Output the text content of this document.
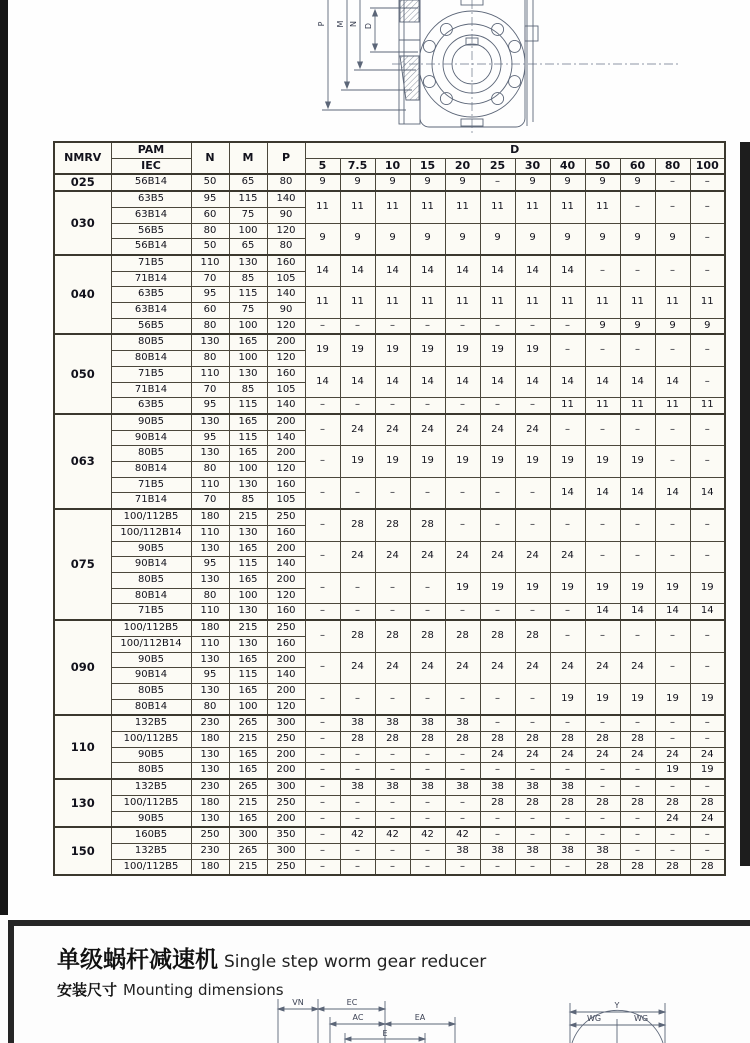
P M N D
NMRV	PAM	N	M	P	D											
	IEC				5	7.5	10	15	20	25	30	40	50	60	80	100
025	56B14	50	65	80	9	9	9	9	9	–	9	9	9	9	–	–
030	63B5	95	115	140	11	11	11	11	11	11	11	11	11	–	–	–
	63B14	60	75	90												
	56B5	80	100	120	9	9	9	9	9	9	9	9	9	9	9	–
	56B14	50	65	80												
040	71B5	110	130	160	14	14	14	14	14	14	14	14	–	–	–	–
	71B14	70	85	105												
	63B5	95	115	140	11	11	11	11	11	11	11	11	11	11	11	11
	63B14	60	75	90												
	56B5	80	100	120	–	–	–	–	–	–	–	–	9	9	9	9
050	80B5	130	165	200	19	19	19	19	19	19	19	–	–	–	–	–
	80B14	80	100	120												
	71B5	110	130	160	14	14	14	14	14	14	14	14	14	14	14	–
	71B14	70	85	105												
	63B5	95	115	140	–	–	–	–	–	–	–	11	11	11	11	11
063	90B5	130	165	200	–	24	24	24	24	24	24	–	–	–	–	–
	90B14	95	115	140												
	80B5	130	165	200	–	19	19	19	19	19	19	19	19	19	–	–
	80B14	80	100	120												
	71B5	110	130	160	–	–	–	–	–	–	–	14	14	14	14	14
	71B14	70	85	105												
075	100/112B5	180	215	250	–	28	28	28	–	–	–	–	–	–	–	–
	100/112B14	110	130	160												
	90B5	130	165	200	–	24	24	24	24	24	24	24	–	–	–	–
	90B14	95	115	140												
	80B5	130	165	200	–	–	–	–	19	19	19	19	19	19	19	19
	80B14	80	100	120												
	71B5	110	130	160	–	–	–	–	–	–	–	–	14	14	14	14
090	100/112B5	180	215	250	–	28	28	28	28	28	28	–	–	–	–	–
	100/112B14	110	130	160												
	90B5	130	165	200	–	24	24	24	24	24	24	24	24	24	–	–
	90B14	95	115	140												
	80B5	130	165	200	–	–	–	–	–	–	–	19	19	19	19	19
	80B14	80	100	120												
110	132B5	230	265	300	–	38	38	38	38	–	–	–	–	–	–	–
	100/112B5	180	215	250	–	28	28	28	28	28	28	28	28	28	–	–
	90B5	130	165	200	–	–	–	–	–	24	24	24	24	24	24	24
	80B5	130	165	200	–	–	–	–	–	–	–	–	–	–	19	19
130	132B5	230	265	300	–	38	38	38	38	38	38	38	–	–	–	–
	100/112B5	180	215	250	–	–	–	–	–	28	28	28	28	28	28	28
	90B5	130	165	200	–	–	–	–	–	–	–	–	–	–	24	24
150	160B5	250	300	350	–	42	42	42	42	–	–	–	–	–	–	–
	132B5	230	265	300	–	–	–	–	38	38	38	38	38	–	–	–
	100/112B5	180	215	250	–	–	–	–	–	–	–	–	28	28	28	28
单级蜗杆减速机 Single step worm gear reducer
安装尺寸 Mounting dimensions
VN	EC
AC	EA
E
Y
WG	WG
